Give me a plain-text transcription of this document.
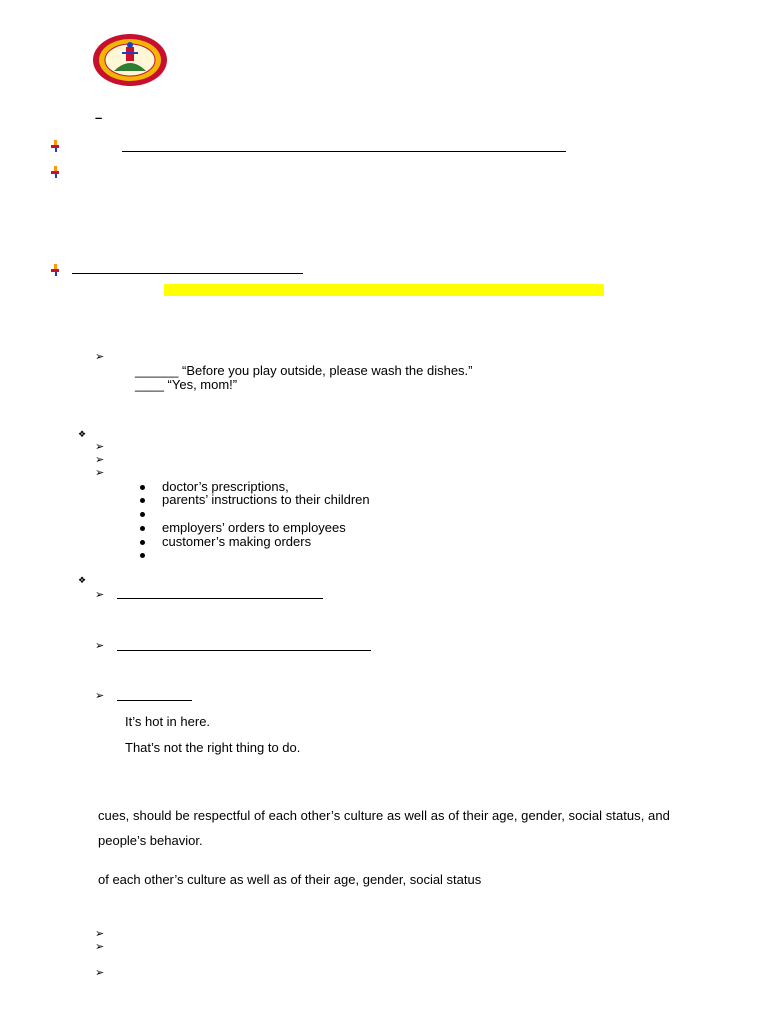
–
➢
______ “Before you play outside, please wash the dishes.”
____ “Yes, mom!”
❖
➢
➢
➢
doctor’s prescriptions,
parents’ instructions to their children
employers’ orders to employees
customer’s making orders
❖
➢
➢
➢
It’s hot in here.
That’s not the right thing to do.
cues, should be respectful of each other’s culture as well as of their age, gender, social status, and
people’s behavior.
of each other’s culture as well as of their age, gender, social status
➢
➢
➢
